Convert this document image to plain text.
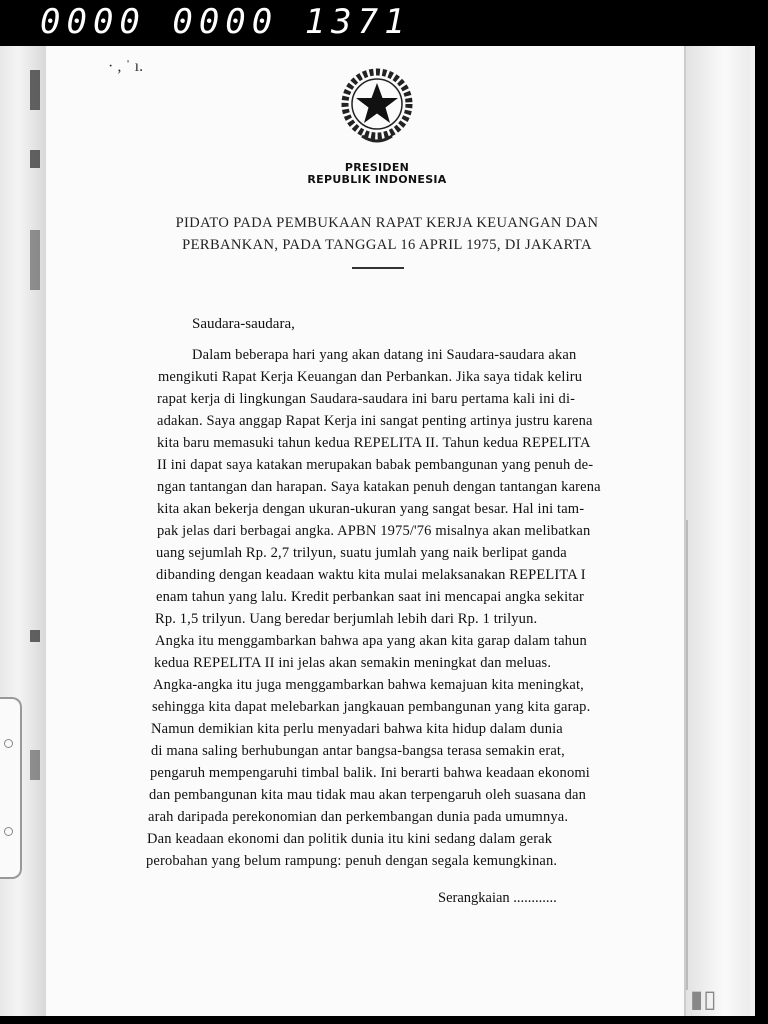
0000 0000 1371
▮▯
· , ˈ ı.
PRESIDEN
REPUBLIK INDONESIA
PIDATO PADA PEMBUKAAN RAPAT KERJA KEUANGAN DAN
PERBANKAN, PADA TANGGAL 16 APRIL 1975, DI JAKARTA
Saudara-saudara,
Dalam beberapa hari yang akan datang ini Saudara-saudara akan
mengikuti Rapat Kerja Keuangan dan Perbankan. Jika saya tidak keliru
rapat kerja di lingkungan Saudara-saudara ini baru pertama kali ini di-
adakan. Saya anggap Rapat Kerja ini sangat penting artinya justru karena
kita baru memasuki tahun kedua REPELITA II. Tahun kedua REPELITA
II ini dapat saya katakan merupakan babak pembangunan yang penuh de-
ngan tantangan dan harapan. Saya katakan penuh dengan tantangan karena
kita akan bekerja dengan ukuran-ukuran yang sangat besar. Hal ini tam-
pak jelas dari berbagai angka. APBN 1975/'76 misalnya akan melibatkan
uang sejumlah Rp. 2,7 trilyun, suatu jumlah yang naik berlipat ganda
dibanding dengan keadaan waktu kita mulai melaksanakan REPELITA I
enam tahun yang lalu. Kredit perbankan saat ini mencapai angka sekitar
Rp. 1,5 trilyun. Uang beredar berjumlah lebih dari Rp. 1 trilyun.
Angka itu menggambarkan bahwa apa yang akan kita garap dalam tahun
kedua REPELITA II ini jelas akan semakin meningkat dan meluas.
Angka-angka itu juga menggambarkan bahwa kemajuan kita meningkat,
sehingga kita dapat melebarkan jangkauan pembangunan yang kita garap.
Namun demikian kita perlu menyadari bahwa kita hidup dalam dunia
di mana saling berhubungan antar bangsa-bangsa terasa semakin erat,
pengaruh mempengaruhi timbal balik. Ini berarti bahwa keadaan ekonomi
dan pembangunan kita mau tidak mau akan terpengaruh oleh suasana dan
arah daripada perekonomian dan perkembangan dunia pada umumnya.
Dan keadaan ekonomi dan politik dunia itu kini sedang dalam gerak
perobahan yang belum rampung: penuh dengan segala kemungkinan.
Serangkaian ............
